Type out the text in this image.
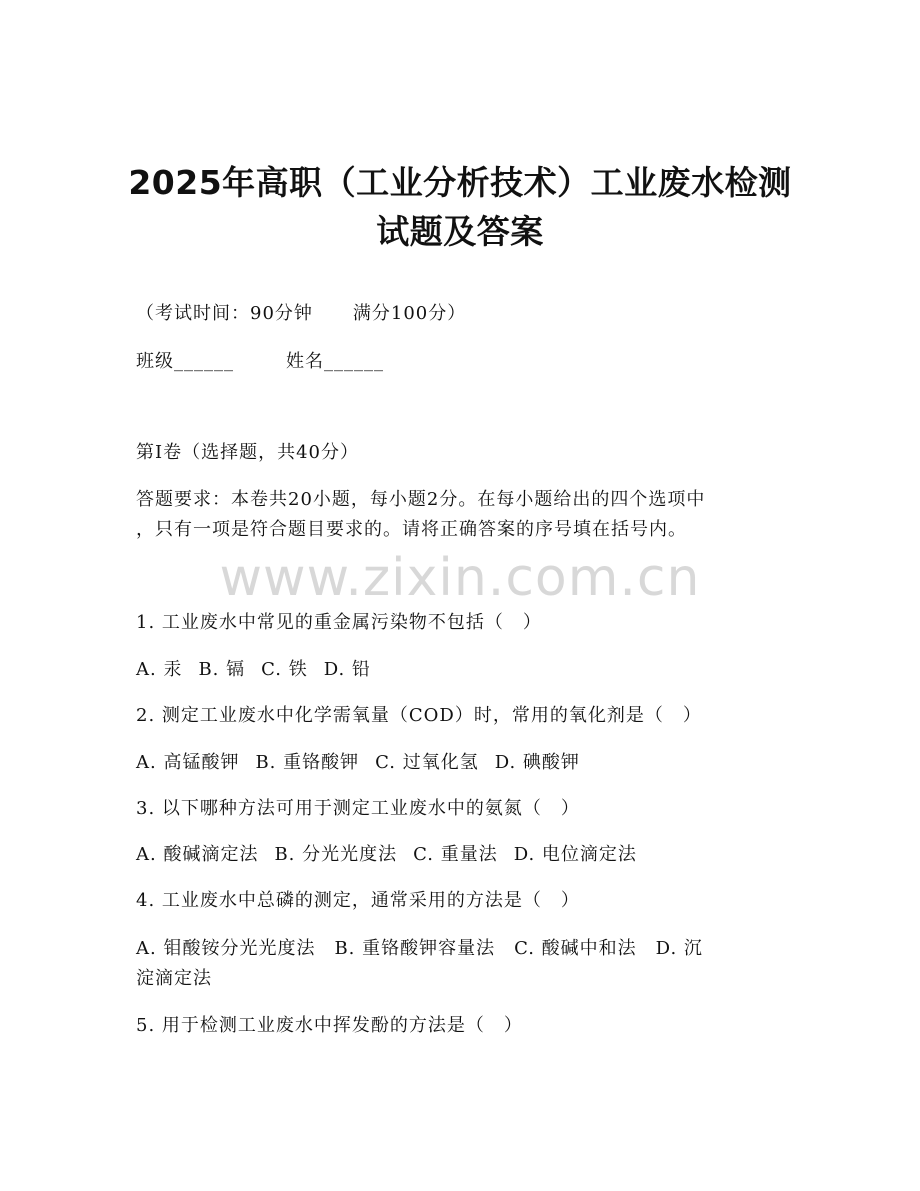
2025年高职（工业分析技术）工业废水检测
试题及答案
（考试时间：90分钟 满分100分）
班级______	姓名______
第I卷（选择题，共40分）
答题要求：本卷共20小题，每小题2分。在每小题给出的四个选项中
，只有一项是符合题目要求的。请将正确答案的序号填在括号内。
www.zixin.com.cn
1. 工业废水中常见的重金属污染物不包括（　）
A. 汞 B. 镉 C. 铁 D. 铅
2. 测定工业废水中化学需氧量（COD）时，常用的氧化剂是（　）
A. 高锰酸钾 B. 重铬酸钾 C. 过氧化氢 D. 碘酸钾
3. 以下哪种方法可用于测定工业废水中的氨氮（　）
A. 酸碱滴定法 B. 分光光度法 C. 重量法 D. 电位滴定法
4. 工业废水中总磷的测定，通常采用的方法是（　）
A. 钼酸铵分光光度法　B. 重铬酸钾容量法　C. 酸碱中和法　D. 沉
淀滴定法
5. 用于检测工业废水中挥发酚的方法是（　）
